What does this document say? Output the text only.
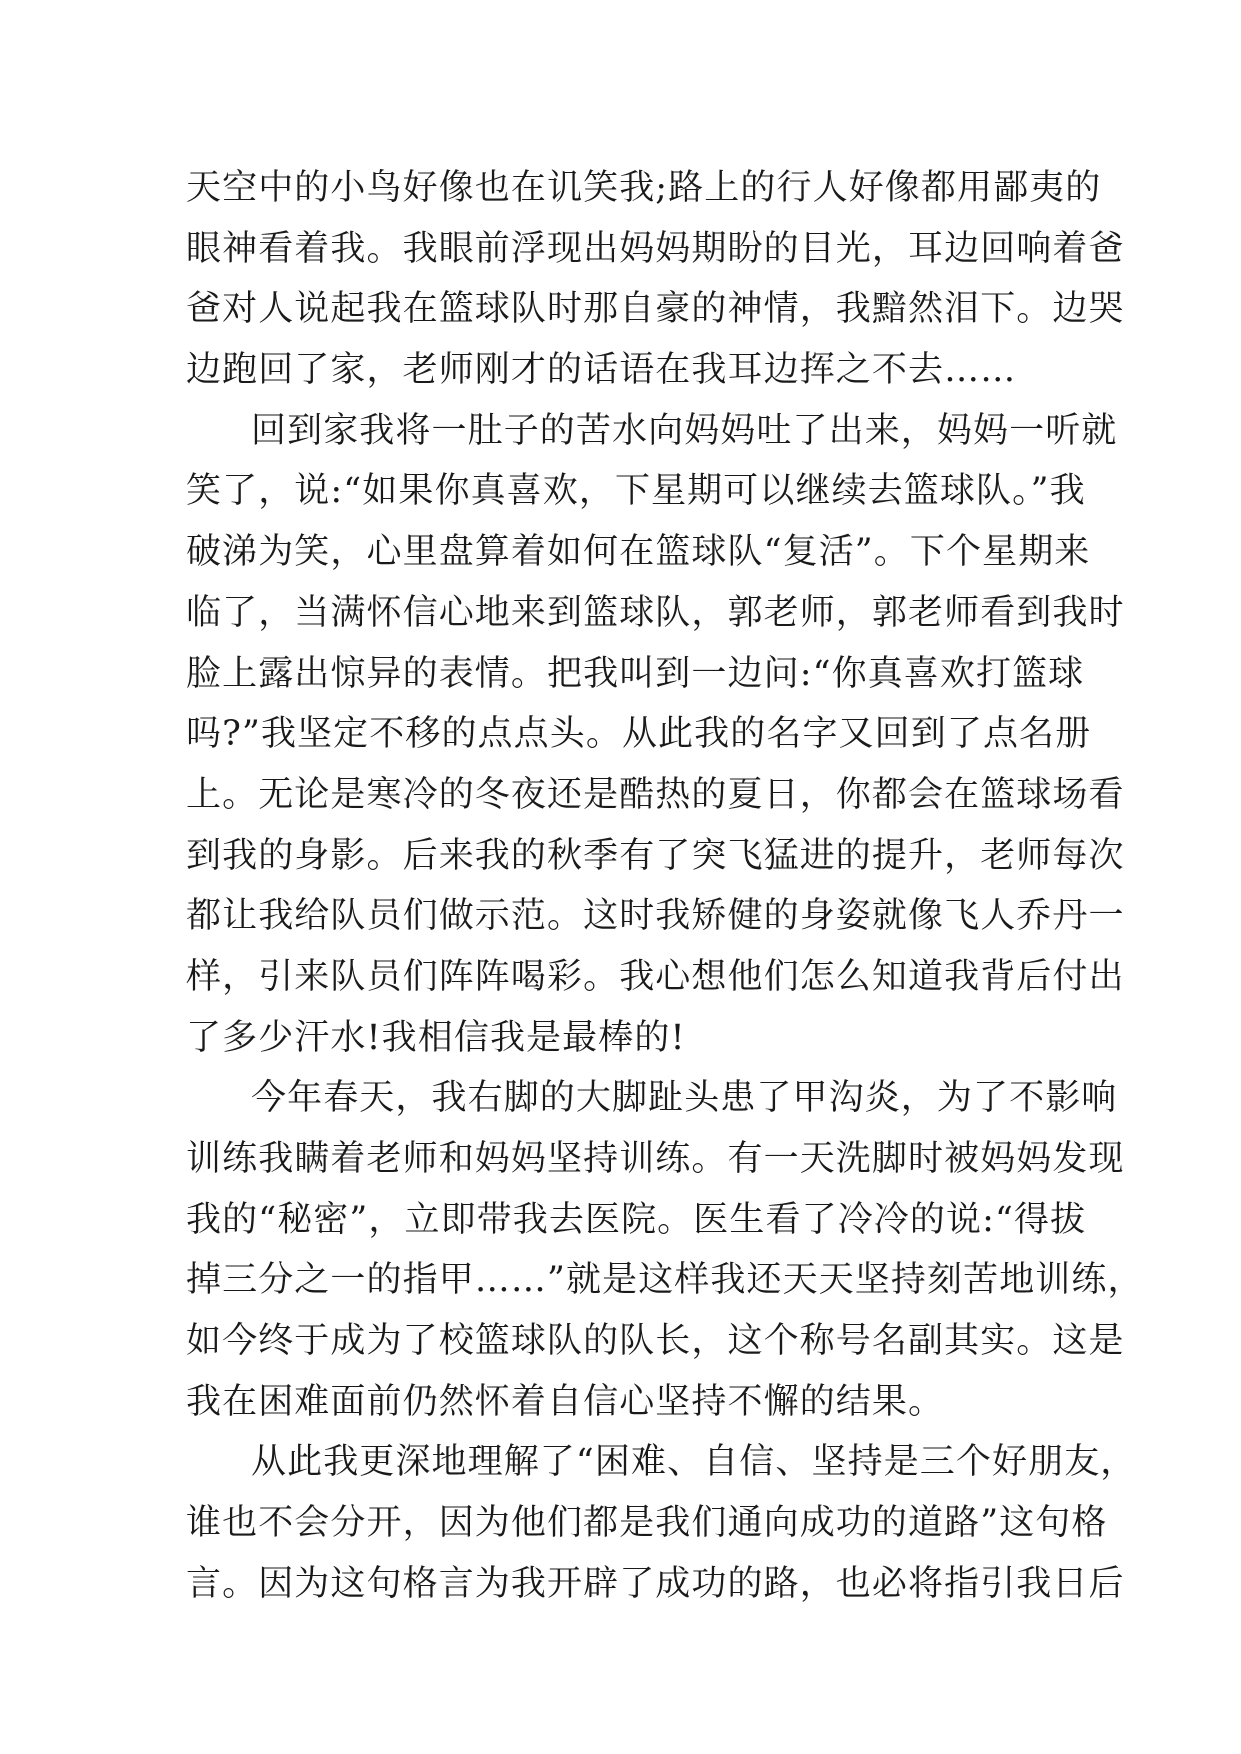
天空中的小鸟好像也在讥笑我;路上的行人好像都用鄙夷的
眼神看着我。我眼前浮现出妈妈期盼的目光，耳边回响着爸
爸对人说起我在篮球队时那自豪的神情，我黯然泪下。边哭
边跑回了家，老师刚才的话语在我耳边挥之不去……
回到家我将一肚子的苦水向妈妈吐了出来，妈妈一听就
笑了，说:“如果你真喜欢，下星期可以继续去篮球队。”我
破涕为笑，心里盘算着如何在篮球队“复活”。下个星期来
临了，当满怀信心地来到篮球队，郭老师，郭老师看到我时
脸上露出惊异的表情。把我叫到一边问:“你真喜欢打篮球
吗?”我坚定不移的点点头。从此我的名字又回到了点名册
上。无论是寒冷的冬夜还是酷热的夏日，你都会在篮球场看
到我的身影。后来我的秋季有了突飞猛进的提升，老师每次
都让我给队员们做示范。这时我矫健的身姿就像飞人乔丹一
样，引来队员们阵阵喝彩。我心想他们怎么知道我背后付出
了多少汗水!我相信我是最棒的!
今年春天，我右脚的大脚趾头患了甲沟炎，为了不影响
训练我瞒着老师和妈妈坚持训练。有一天洗脚时被妈妈发现
我的“秘密”，立即带我去医院。医生看了冷冷的说:“得拔
掉三分之一的指甲……”就是这样我还天天坚持刻苦地训练，
如今终于成为了校篮球队的队长，这个称号名副其实。这是
我在困难面前仍然怀着自信心坚持不懈的结果。
从此我更深地理解了“困难、自信、坚持是三个好朋友，
谁也不会分开，因为他们都是我们通向成功的道路”这句格
言。因为这句格言为我开辟了成功的路，也必将指引我日后
